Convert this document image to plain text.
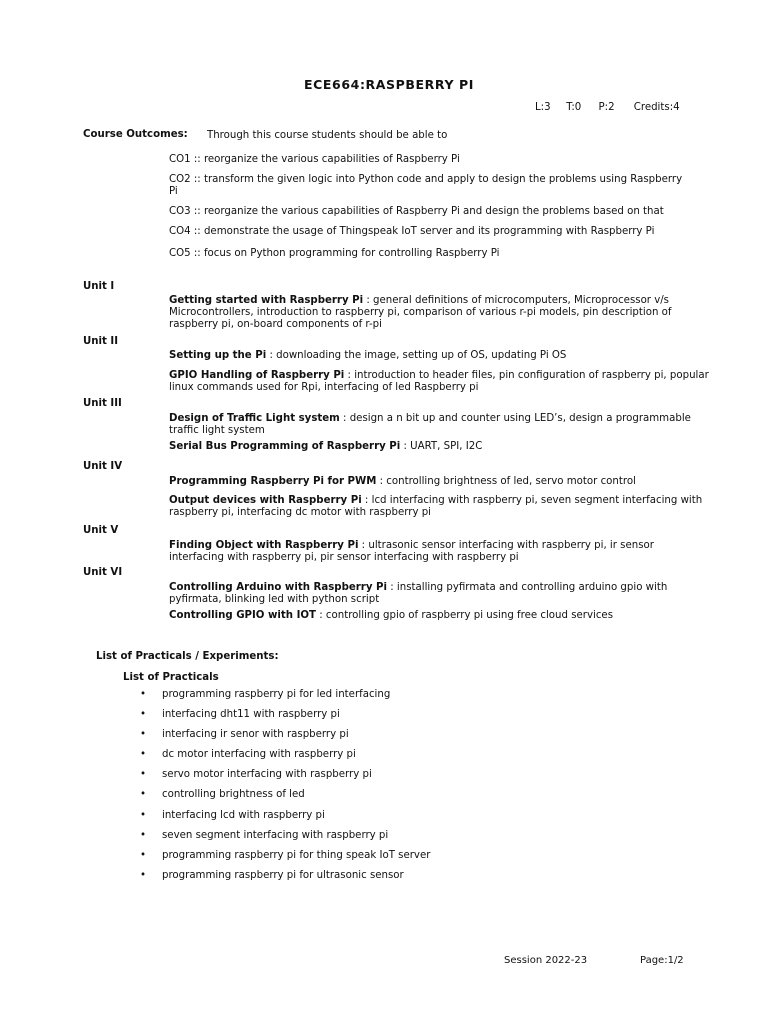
ECE664:RASPBERRY PI
L:3 T:0 P:2 Credits:4
Course Outcomes: Through this course students should be able to
CO1 :: reorganize the various capabilities of Raspberry Pi
CO2 :: transform the given logic into Python code and apply to design the problems using Raspberry Pi
CO3 :: reorganize the various capabilities of Raspberry Pi and design the problems based on that
CO4 :: demonstrate the usage of Thingspeak IoT server and its programming with Raspberry Pi
CO5 :: focus on Python programming for controlling Raspberry Pi
Unit I
Getting started with Raspberry Pi : general definitions of microcomputers, Microprocessor v/s Microcontrollers, introduction to raspberry pi, comparison of various r-pi models, pin description of raspberry pi, on-board components of r-pi
Unit II
Setting up the Pi : downloading the image, setting up of OS, updating Pi OS
GPIO Handling of Raspberry Pi : introduction to header files, pin configuration of raspberry pi, popular linux commands used for Rpi, interfacing of led Raspberry pi
Unit III
Design of Traffic Light system : design a n bit up and counter using LED’s, design a programmable traffic light system
Serial Bus Programming of Raspberry Pi : UART, SPI, I2C
Unit IV
Programming Raspberry Pi for PWM : controlling brightness of led, servo motor control
Output devices with Raspberry Pi : lcd interfacing with raspberry pi, seven segment interfacing with raspberry pi, interfacing dc motor with raspberry pi
Unit V
Finding Object with Raspberry Pi : ultrasonic sensor interfacing with raspberry pi, ir sensor interfacing with raspberry pi, pir sensor interfacing with raspberry pi
Unit VI
Controlling Arduino with Raspberry Pi : installing pyfirmata and controlling arduino gpio with pyfirmata, blinking led with python script
Controlling GPIO with IOT : controlling gpio of raspberry pi using free cloud services
List of Practicals / Experiments:
List of Practicals
• programming raspberry pi for led interfacing
• interfacing dht11 with raspberry pi
• interfacing ir senor with raspberry pi
• dc motor interfacing with raspberry pi
• servo motor interfacing with raspberry pi
• controlling brightness of led
• interfacing lcd with raspberry pi
• seven segment interfacing with raspberry pi
• programming raspberry pi for thing speak IoT server
• programming raspberry pi for ultrasonic sensor
Session 2022-23	Page:1/2
